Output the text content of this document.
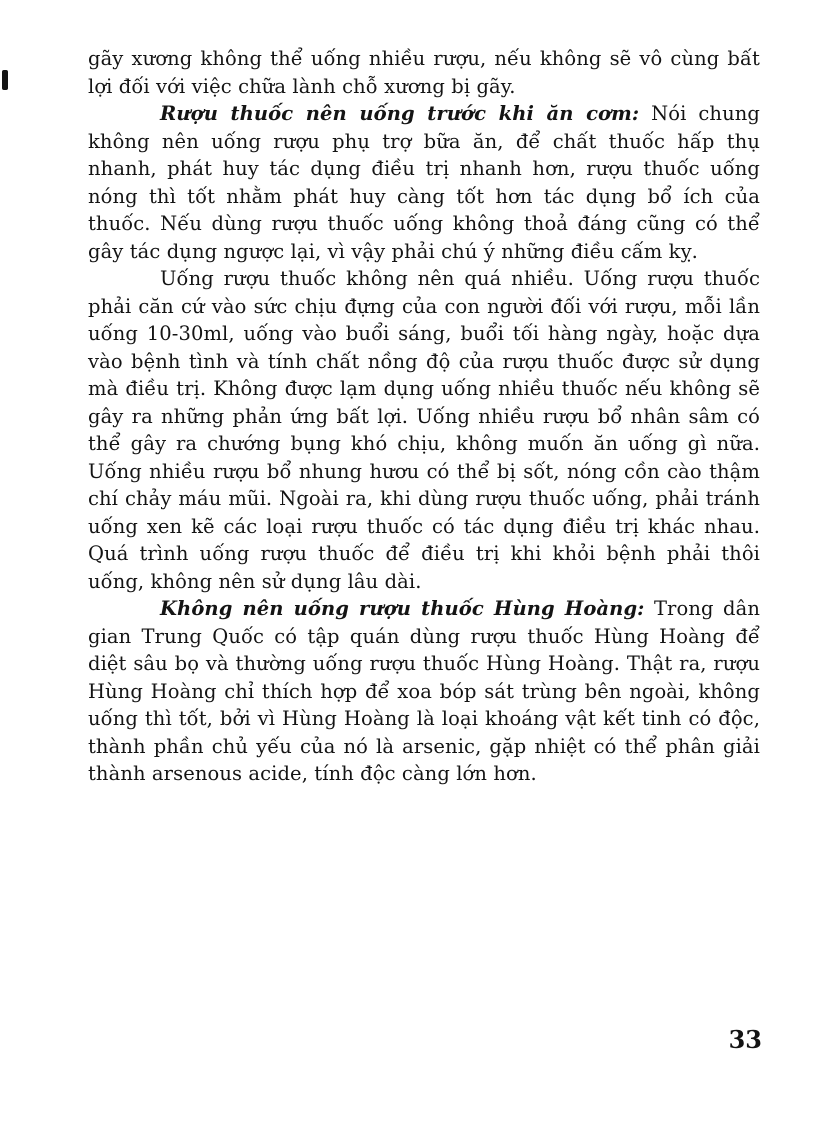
gãy xương không thể uống nhiều rượu, nếu không sẽ vô cùng bất lợi đối với việc chữa lành chỗ xương bị gãy.

Rượu thuốc nên uống trước khi ăn cơm: Nói chung không nên uống rượu phụ trợ bữa ăn, để chất thuốc hấp thụ nhanh, phát huy tác dụng điều trị nhanh hơn, rượu thuốc uống nóng thì tốt nhằm phát huy càng tốt hơn tác dụng bổ ích của thuốc. Nếu dùng rượu thuốc uống không thoả đáng cũng có thể gây tác dụng ngược lại, vì vậy phải chú ý những điều cấm kỵ.

Uống rượu thuốc không nên quá nhiều. Uống rượu thuốc phải căn cứ vào sức chịu đựng của con người đối với rượu, mỗi lần uống 10-30ml, uống vào buổi sáng, buổi tối hàng ngày, hoặc dựa vào bệnh tình và tính chất nồng độ của rượu thuốc được sử dụng mà điều trị. Không được lạm dụng uống nhiều thuốc nếu không sẽ gây ra những phản ứng bất lợi. Uống nhiều rượu bổ nhân sâm có thể gây ra chướng bụng khó chịu, không muốn ăn uống gì nữa. Uống nhiều rượu bổ nhung hươu có thể bị sốt, nóng cồn cào thậm chí chảy máu mũi. Ngoài ra, khi dùng rượu thuốc uống, phải tránh uống xen kẽ các loại rượu thuốc có tác dụng điều trị khác nhau. Quá trình uống rượu thuốc để điều trị khi khỏi bệnh phải thôi uống, không nên sử dụng lâu dài.

Không nên uống rượu thuốc Hùng Hoàng: Trong dân gian Trung Quốc có tập quán dùng rượu thuốc Hùng Hoàng để diệt sâu bọ và thường uống rượu thuốc Hùng Hoàng. Thật ra, rượu Hùng Hoàng chỉ thích hợp để xoa bóp sát trùng bên ngoài, không uống thì tốt, bởi vì Hùng Hoàng là loại khoáng vật kết tinh có độc, thành phần chủ yếu của nó là arsenic, gặp nhiệt có thể phân giải thành arsenous acide, tính độc càng lớn hơn.

33
